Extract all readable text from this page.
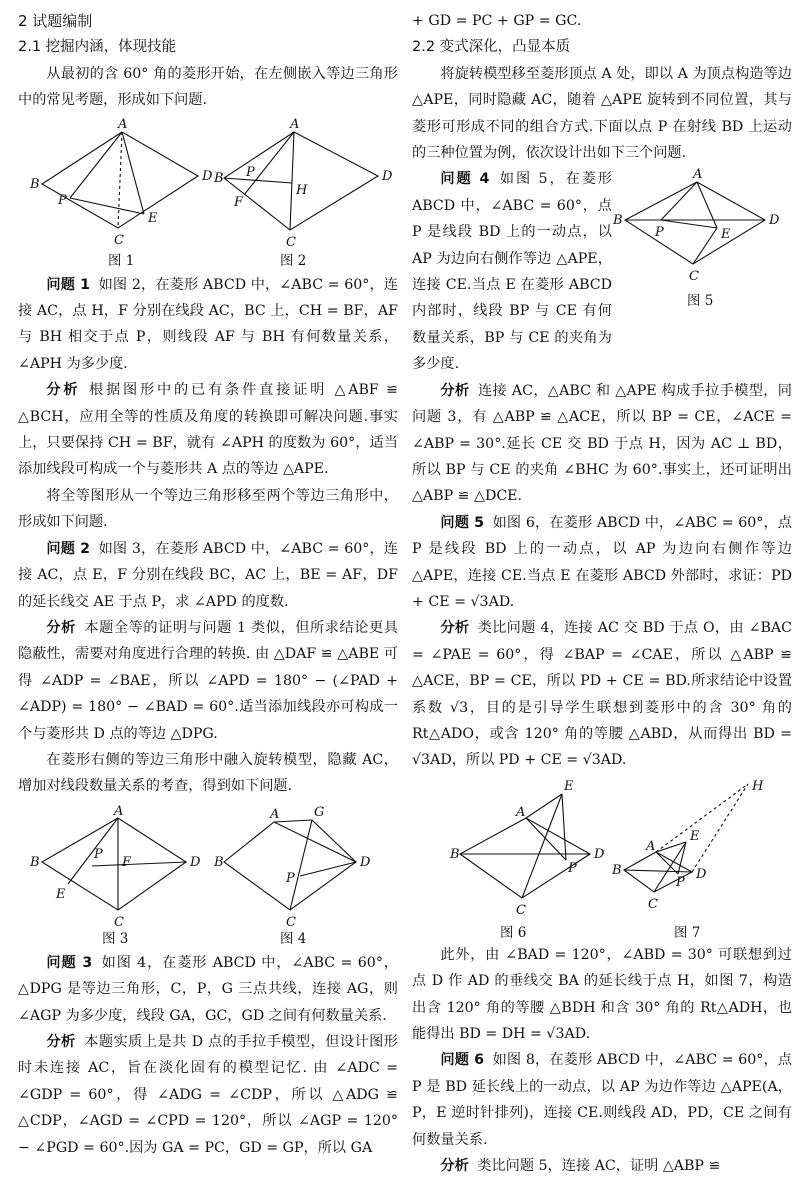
2 试题编制

2.1 挖掘内涵，体现技能

从最初的含 60° 角的菱形开始，在左侧嵌入等边三角形中的常见考题，形成如下问题.

A
B
C
D
P
E
图 1
A
B
C
D
P
H
F
图 2

问题 1 如图 2，在菱形 ABCD 中，∠ABC = 60°，连接 AC，点 H，F 分别在线段 AC，BC 上，CH = BF，AF 与 BH 相交于点 P，则线段 AF 与 BH 有何数量关系，∠APH 为多少度.

分析 根据图形中的已有条件直接证明 △ABF ≌ △BCH，应用全等的性质及角度的转换即可解决问题.事实上，只要保持 CH = BF，就有 ∠APH 的度数为 60°，适当添加线段可构成一个与菱形共 A 点的等边 △APE.

将全等图形从一个等边三角形移至两个等边三角形中，形成如下问题.

问题 2 如图 3，在菱形 ABCD 中，∠ABC = 60°，连接 AC，点 E，F 分别在线段 BC，AC 上，BE = AF，DF 的延长线交 AE 于点 P，求 ∠APD 的度数.

分析 本题全等的证明与问题 1 类似，但所求结论更具隐蔽性，需要对角度进行合理的转换. 由 △DAF ≌ △ABE 可得 ∠ADP = ∠BAE，所以 ∠APD = 180° − (∠PAD + ∠ADP) = 180° − ∠BAD = 60°.适当添加线段亦可构成一个与菱形共 D 点的等边 △DPG.

在菱形右侧的等边三角形中融入旋转模型，隐藏 AC，增加对线段数量关系的考查，得到如下问题.

A
B
C
D
P
F
E
图 3
A	G
B
C
D
P
图 4

问题 3 如图 4，在菱形 ABCD 中，∠ABC = 60°，△DPG 是等边三角形，C，P，G 三点共线，连接 AG，则 ∠AGP 为多少度，线段 GA，GC，GD 之间有何数量关系.

分析 本题实质上是共 D 点的手拉手模型，但设计图形时未连接 AC，旨在淡化固有的模型记忆. 由 ∠ADC = ∠GDP = 60°，得 ∠ADG = ∠CDP，所以 △ADG ≌ △CDP，∠AGD = ∠CPD = 120°，所以 ∠AGP = 120° − ∠PGD = 60°.因为 GA = PC，GD = GP，所以 GA

+ GD = PC + GP = GC.

2.2 变式深化，凸显本质

将旋转模型移至菱形顶点 A 处，即以 A 为顶点构造等边 △APE，同时隐藏 AC，随着 △APE 旋转到不同位置，其与菱形可形成不同的组合方式.下面以点 P 在射线 BD 上运动的三种位置为例，依次设计出如下三个问题.

A
B
C
D
P	E
图 5

问题 4 如图 5，在菱形 ABCD 中，∠ABC = 60°，点 P 是线段 BD 上的一动点，以 AP 为边向右侧作等边 △APE，连接 CE.当点 E 在菱形 ABCD 内部时，线段 BP 与 CE 有何数量关系，BP 与 CE 的夹角为多少度.

分析 连接 AC，△ABC 和 △APE 构成手拉手模型，同问题 3，有 △ABP ≌ △ACE，所以 BP = CE，∠ACE = ∠ABP = 30°.延长 CE 交 BD 于点 H，因为 AC ⊥ BD，所以 BP 与 CE 的夹角 ∠BHC 为 60°.事实上，还可证明出 △ABP ≌ △DCE.

问题 5 如图 6，在菱形 ABCD 中，∠ABC = 60°，点 P 是线段 BD 上的一动点，以 AP 为边向右侧作等边 △APE，连接 CE.当点 E 在菱形 ABCD 外部时，求证：PD + CE = √3AD.

分析 类比问题 4，连接 AC 交 BD 于点 O，由 ∠BAC = ∠PAE = 60°，得 ∠BAP = ∠CAE，所以 △ABP ≌ △ACE，BP = CE，所以 PD + CE = BD.所求结论中设置系数 √3，目的是引导学生联想到菱形中的含 30° 角的 Rt△ADO，或含 120° 角的等腰 △ABD，从而得出 BD = √3AD，所以 PD + CE = √3AD.

E
A
B
C
D
P
图 6
H
A
E
B
C
P
D
图 7

此外，由 ∠BAD = 120°，∠ABD = 30° 可联想到过点 D 作 AD 的垂线交 BA 的延长线于点 H，如图 7，构造出含 120° 角的等腰 △BDH 和含 30° 角的 Rt△ADH，也能得出 BD = DH = √3AD.

问题 6 如图 8，在菱形 ABCD 中，∠ABC = 60°，点 P 是 BD 延长线上的一动点，以 AP 为边作等边 △APE(A，P，E 逆时针排列)，连接 CE.则线段 AD，PD，CE 之间有何数量关系.

分析 类比问题 5，连接 AC，证明 △ABP ≌
